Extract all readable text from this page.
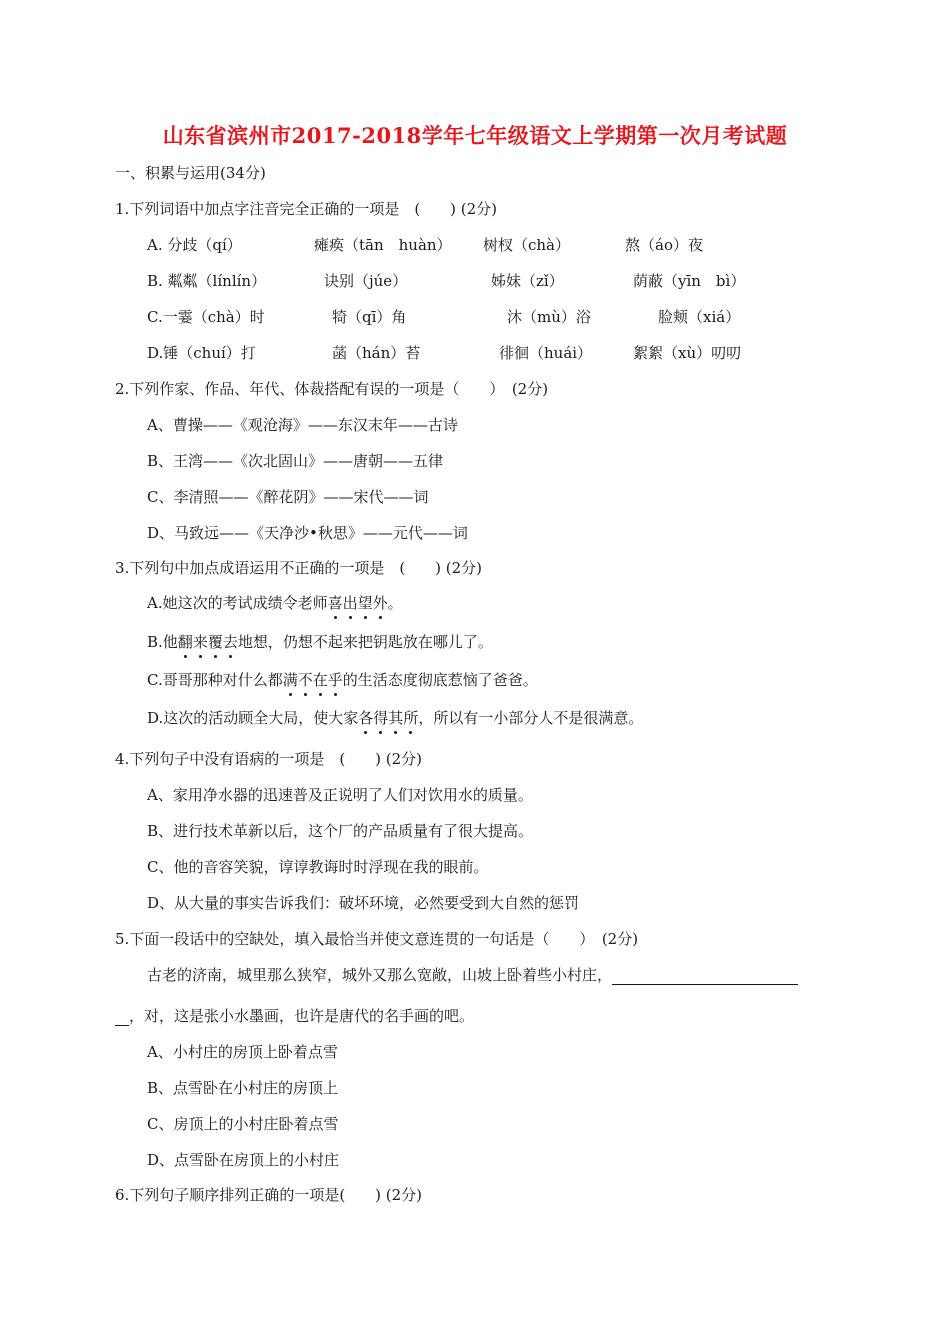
山东省滨州市2017-2018学年七年级语文上学期第一次月考试题
一、积累与运用(34分)
1.下列词语中加点字注音完全正确的一项是　(　　) (2分)
A. 分歧（qí）	瘫痪（tān　huàn） 树杈（chà）	熬（áo）夜
B. 粼粼（línlín）	诀别（júe）	姊妹（zǐ）	荫蔽（yīn　bì）
C.一霎（chà）时	犄（qī）角	沐（mù）浴	脸颊（xiá）
D.锤（chuí）打	菡（hán）苔	徘徊（huái）	絮絮（xù）叨叨
2.下列作家、作品、年代、体裁搭配有误的一项是（　　）　(2分)
A、曹操——《观沧海》——东汉末年——古诗
B、王湾——《次北固山》——唐朝——五律
C、李清照——《醉花阴》——宋代——词
D、马致远——《天净沙•秋思》——元代——词
3.下列句中加点成语运用不正确的一项是　(　　) (2分)
A.她这次的考试成绩令老师喜出望外。
B.他翻来覆去地想，仍想不起来把钥匙放在哪儿了。
C.哥哥那种对什么都满不在乎的生活态度彻底惹恼了爸爸。
D.这次的活动顾全大局，使大家各得其所，所以有一小部分人不是很满意。
4.下列句子中没有语病的一项是　(　　) (2分)
A、家用净水器的迅速普及正说明了人们对饮用水的质量。
B、进行技术革新以后，这个厂的产品质量有了很大提高。
C、他的音容笑貌，谆谆教诲时时浮现在我的眼前。
D、从大量的事实告诉我们：破坏环境，必然要受到大自然的惩罚
5.下面一段话中的空缺处，填入最恰当并使文意连贯的一句话是（　　）　(2分)
古老的济南，城里那么狭窄，城外又那么宽敞，山坡上卧着些小村庄，
，对，这是张小水墨画，也许是唐代的名手画的吧。
A、小村庄的房顶上卧着点雪
B、点雪卧在小村庄的房顶上
C、房顶上的小村庄卧着点雪
D、点雪卧在房顶上的小村庄
6.下列句子顺序排列正确的一项是(　　) (2分)
